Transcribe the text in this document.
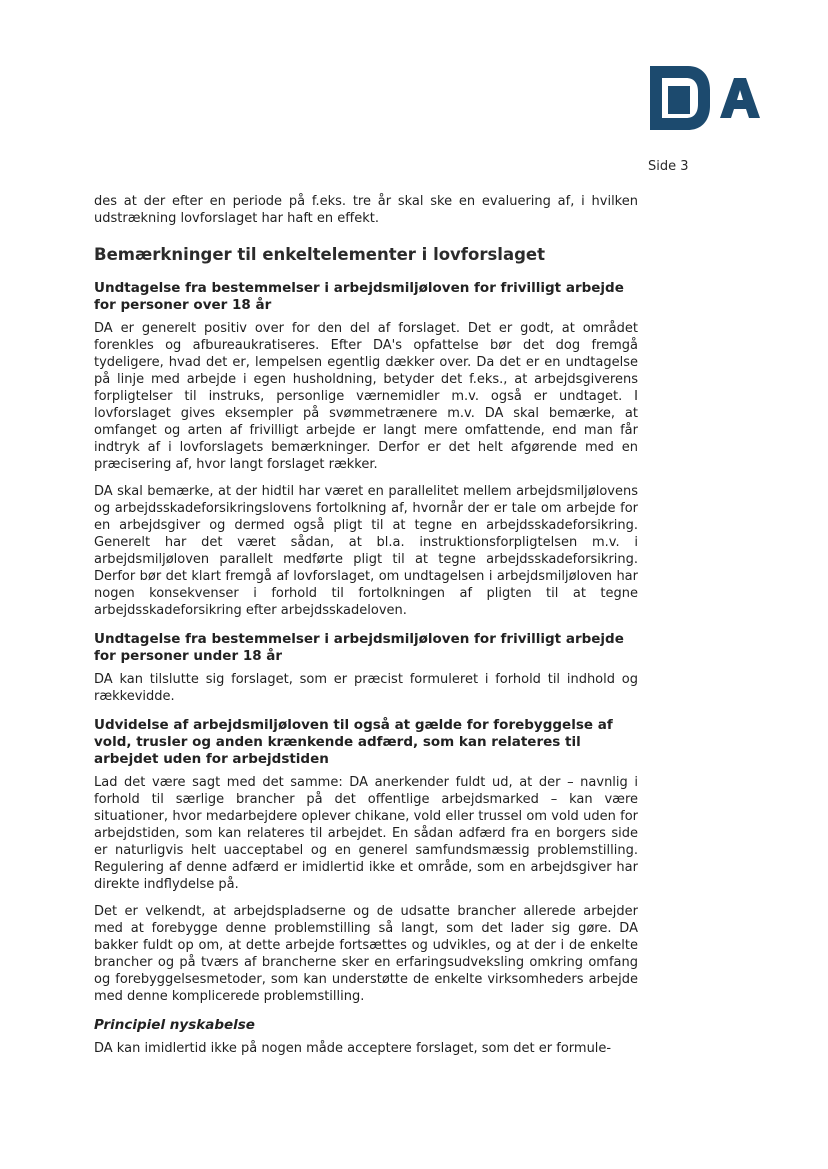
Side 3

des at der efter en periode på f.eks. tre år skal ske en evaluering af, i hvilken udstrækning lovforslaget har haft en effekt.

Bemærkninger til enkeltelementer i lovforslaget
Undtagelse fra bestemmelser i arbejdsmiljøloven for frivilligt arbejde for personer over 18 år

DA er generelt positiv over for den del af forslaget. Det er godt, at området forenkles og afbureaukratiseres. Efter DA's opfattelse bør det dog fremgå tydeligere, hvad det er, lempelsen egentlig dækker over. Da det er en undtagelse på linje med arbejde i egen husholdning, betyder det f.eks., at arbejdsgiverens forpligtelser til instruks, personlige værnemidler m.v. også er undtaget. I lovforslaget gives eksempler på svømmetrænere m.v. DA skal bemærke, at omfanget og arten af frivilligt arbejde er langt mere omfattende, end man får indtryk af i lovforslagets bemærkninger. Derfor er det helt afgørende med en præcisering af, hvor langt forslaget rækker.

DA skal bemærke, at der hidtil har været en parallelitet mellem arbejdsmiljølovens og arbejdsskadeforsikringslovens fortolkning af, hvornår der er tale om arbejde for en arbejdsgiver og dermed også pligt til at tegne en arbejdsskadeforsikring. Generelt har det været sådan, at bl.a. instruktionsforpligtelsen m.v. i arbejdsmiljøloven parallelt medførte pligt til at tegne arbejdsskadeforsikring. Derfor bør det klart fremgå af lovforslaget, om undtagelsen i arbejdsmiljøloven har nogen konsekvenser i forhold til fortolkningen af pligten til at tegne arbejdsskadeforsikring efter arbejdsskadeloven.

Undtagelse fra bestemmelser i arbejdsmiljøloven for frivilligt arbejde for personer under 18 år

DA kan tilslutte sig forslaget, som er præcist formuleret i forhold til indhold og rækkevidde.

Udvidelse af arbejdsmiljøloven til også at gælde for forebyggelse af vold, trusler og anden krænkende adfærd, som kan relateres til arbejdet uden for arbejdstiden

Lad det være sagt med det samme: DA anerkender fuldt ud, at der – navnlig i forhold til særlige brancher på det offentlige arbejdsmarked – kan være situationer, hvor medarbejdere oplever chikane, vold eller trussel om vold uden for arbejdstiden, som kan relateres til arbejdet. En sådan adfærd fra en borgers side er naturligvis helt uacceptabel og en generel samfundsmæssig problemstilling. Regulering af denne adfærd er imidlertid ikke et område, som en arbejdsgiver har direkte indflydelse på.

Det er velkendt, at arbejdspladserne og de udsatte brancher allerede arbejder med at forebygge denne problemstilling så langt, som det lader sig gøre. DA bakker fuldt op om, at dette arbejde fortsættes og udvikles, og at der i de enkelte brancher og på tværs af brancherne sker en erfaringsudveksling omkring omfang og forebyggelsesmetoder, som kan understøtte de enkelte virksomheders arbejde med denne komplicerede problemstilling.

Principiel nyskabelse

DA kan imidlertid ikke på nogen måde acceptere forslaget, som det er formule-
